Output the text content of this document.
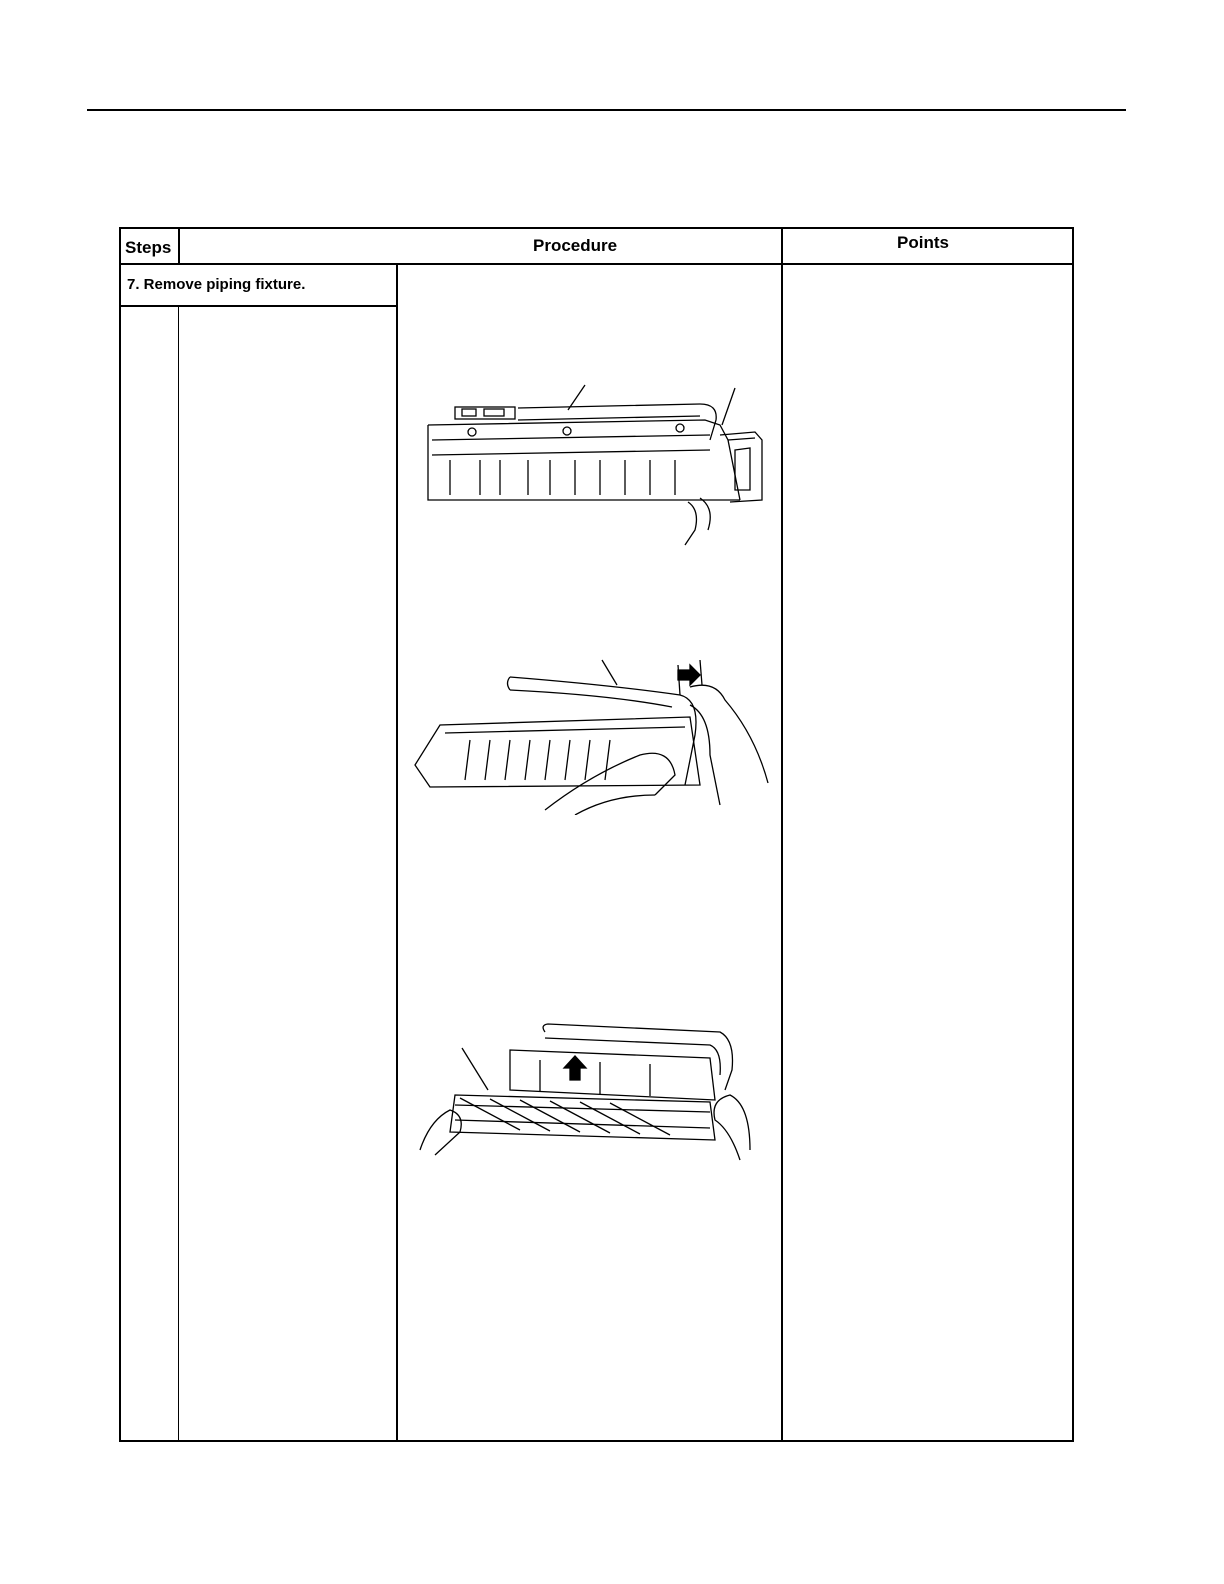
Steps	Procedure	Points
7. Remove piping fixture.
